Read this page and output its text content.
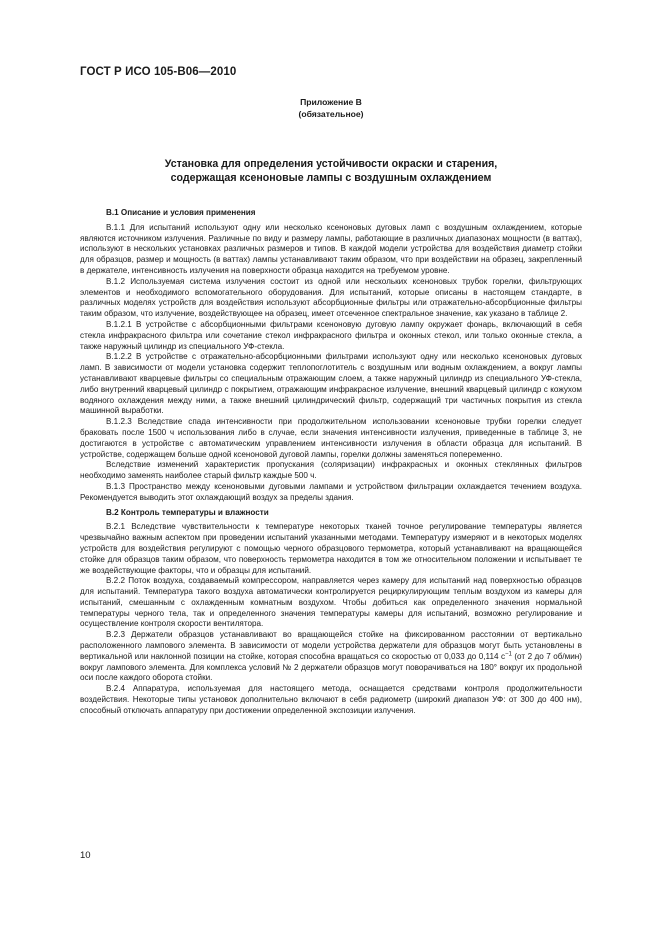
ГОСТ Р ИСО 105-В06—2010
Приложение В
(обязательное)
Установка для определения устойчивости окраски и старения,
содержащая ксеноновые лампы с воздушным охлаждением

В.1 Описание и условия применения

В.1.1 Для испытаний используют одну или несколько ксеноновых дуговых ламп с воздушным охлаждением, которые являются источником излучения. Различные по виду и размеру лампы, работающие в различных диапазонах мощности (в ваттах), используют в нескольких установках различных размеров и типов. В каждой модели устройства для воздействия диаметр стойки для образцов, размер и мощность (в ваттах) лампы устанавливают таким образом, что при воздействии на образец, закрепленный в держателе, интенсивность излучения на поверхности образца находится на требуемом уровне.

В.1.2 Используемая система излучения состоит из одной или нескольких ксеноновых трубок горелки, фильтрующих элементов и необходимого вспомогательного оборудования. Для испытаний, которые описаны в настоящем стандарте, в различных моделях устройств для воздействия используют абсорбционные фильтры или отражательно-абсорбционные фильтры таким образом, что излучение, воздействующее на образец, имеет отсеченное спектральное значение, как указано в таблице 2.

В.1.2.1 В устройстве с абсорбционными фильтрами ксеноновую дуговую лампу окружает фонарь, включающий в себя стекла инфракрасного фильтра или сочетание стекол инфракрасного фильтра и оконных стекол, или только оконные стекла, а также наружный цилиндр из специального УФ-стекла.

В.1.2.2 В устройстве с отражательно-абсорбционными фильтрами используют одну или несколько ксеноновых дуговых ламп. В зависимости от модели установка содержит теплопоглотитель с воздушным или водным охлаждением, а вокруг лампы устанавливают кварцевые фильтры со специальным отражающим слоем, а также наружный цилиндр из специального УФ-стекла, либо внутренний кварцевый цилиндр с покрытием, отражающим инфракрасное излучение, внешний кварцевый цилиндр с кожухом водяного охлаждения между ними, а также внешний цилиндрический фильтр, содержащий три частичных покрытия из стекла машинной выработки.

В.1.2.3 Вследствие спада интенсивности при продолжительном использовании ксеноновые трубки горелки следует браковать после 1500 ч использования либо в случае, если значения интенсивности излучения, приведенные в таблице 3, не достигаются в устройстве с автоматическим управлением интенсивности излучения в области образца для испытаний. В устройстве, содержащем больше одной ксеноновой дуговой лампы, горелки должны заменяться попеременно.

Вследствие изменений характеристик пропускания (соляризации) инфракрасных и оконных стеклянных фильтров необходимо заменять наиболее старый фильтр каждые 500 ч.

В.1.3 Пространство между ксеноновыми дуговыми лампами и устройством фильтрации охлаждается течением воздуха. Рекомендуется выводить этот охлаждающий воздух за пределы здания.

В.2 Контроль температуры и влажности

В.2.1 Вследствие чувствительности к температуре некоторых тканей точное регулирование температуры является чрезвычайно важным аспектом при проведении испытаний указанными методами. Температуру измеряют и в некоторых моделях устройств для воздействия регулируют с помощью черного образцового термометра, который устанавливают на вращающейся стойке для образцов таким образом, что поверхность термометра находится в том же относительном положении и испытывает те же воздействующие факторы, что и образцы для испытаний.

В.2.2 Поток воздуха, создаваемый компрессором, направляется через камеру для испытаний над поверхностью образцов для испытаний. Температура такого воздуха автоматически контролируется рециркулирующим теплым воздухом из камеры для испытаний, смешанным с охлажденным комнатным воздухом. Чтобы добиться как определенного значения нормальной температуры черного тела, так и определенного значения температуры камеры для испытаний, возможно регулирование и осуществление контроля скорости вентилятора.

В.2.3 Держатели образцов устанавливают во вращающейся стойке на фиксированном расстоянии от вертикально расположенного лампового элемента. В зависимости от модели устройства держатели для образцов могут быть установлены в вертикальной или наклонной позиции на стойке, которая способна вращаться со скоростью от 0,033 до 0,114 $с^{-1}$ (от 2 до 7 об/мин) вокруг лампового элемента. Для комплекса условий № 2 держатели образцов могут поворачиваться на 180° вокруг их продольной оси после каждого оборота стойки.

В.2.4 Аппаратура, используемая для настоящего метода, оснащается средствами контроля продолжительности воздействия. Некоторые типы установок дополнительно включают в себя радиометр (широкий диапазон УФ: от 300 до 400 нм), способный отключать аппаратуру при достижении определенной экспозиции излучения.

10
